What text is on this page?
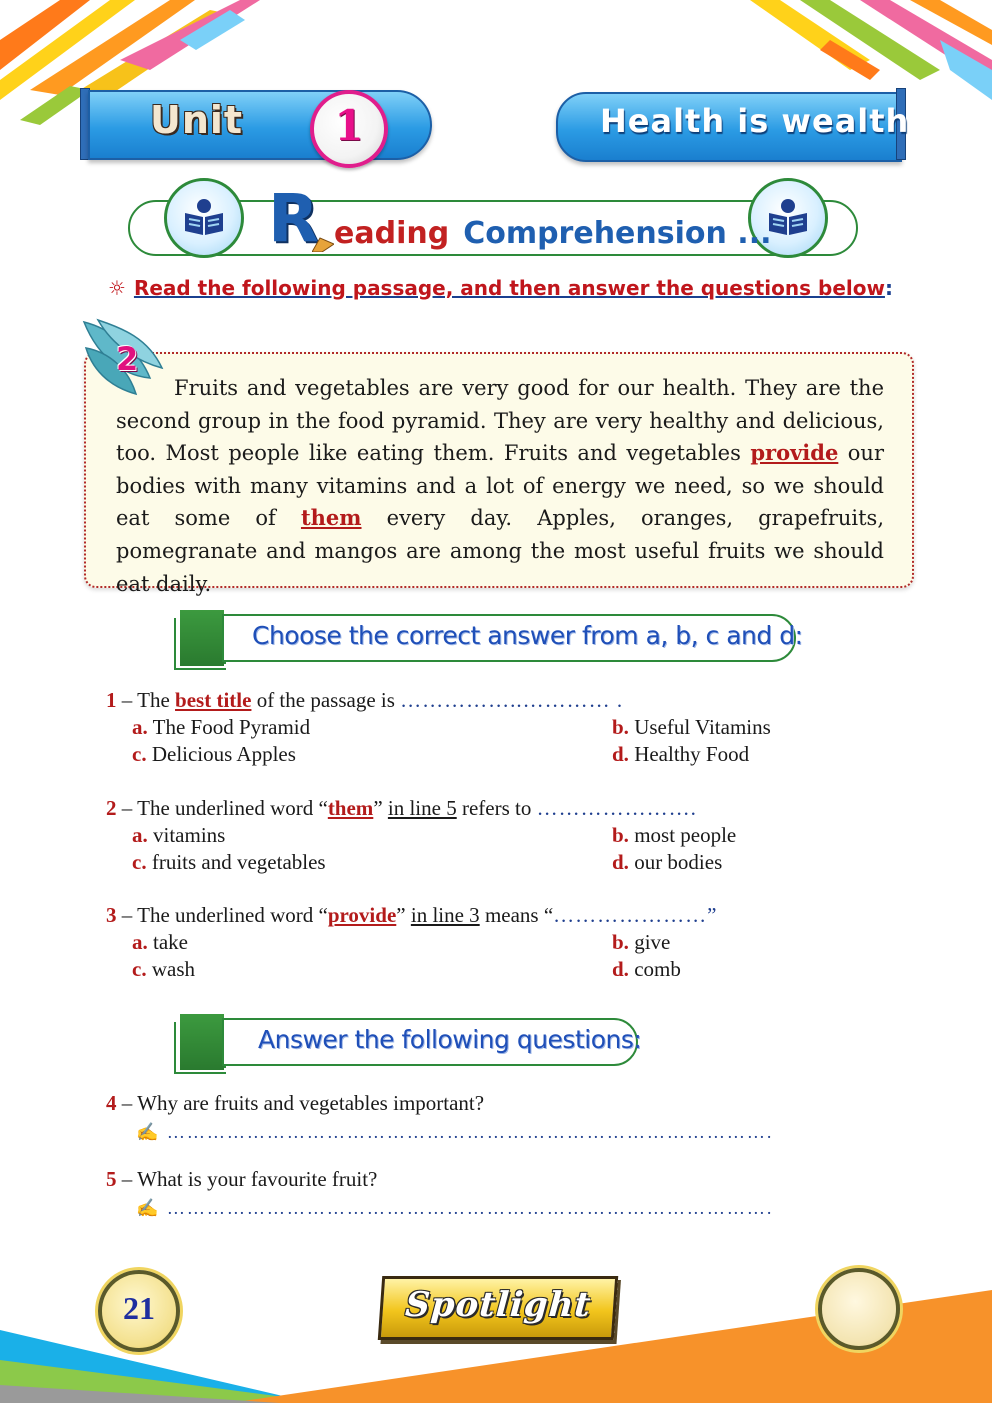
Unit	1	Health is wealth
R eading Comprehension ...
☼ Read the following passage, and then answer the questions below:
2
Fruits and vegetables are very good for our health. They are the second group in the food pyramid. They are very healthy and delicious, too. Most people like eating them. Fruits and vegetables provide our bodies with many vitamins and a lot of energy we need, so we should eat some of them every day. Apples, oranges, grapefruits, pomegranate and mangos are among the most useful fruits we should eat daily.
Choose the correct answer from a, b, c and d:
1 – The best title of the passage is ……………..………… .
a. The Food Pyramid	b. Useful Vitamins
c. Delicious Apples	d. Healthy Food
2 – The underlined word “them” in line 5 refers to ………………….
a. vitamins	b. most people
c. fruits and vegetables	d. our bodies
3 – The underlined word “provide” in line 3 means “…………………”
a. take	b. give
c. wash	d. comb
Answer the following questions:
4 – Why are fruits and vegetables important?
✍ ……………………………………………………………………………….
5 – What is your favourite fruit?
✍ ……………………………………………………………………………….
21	Spotlight
